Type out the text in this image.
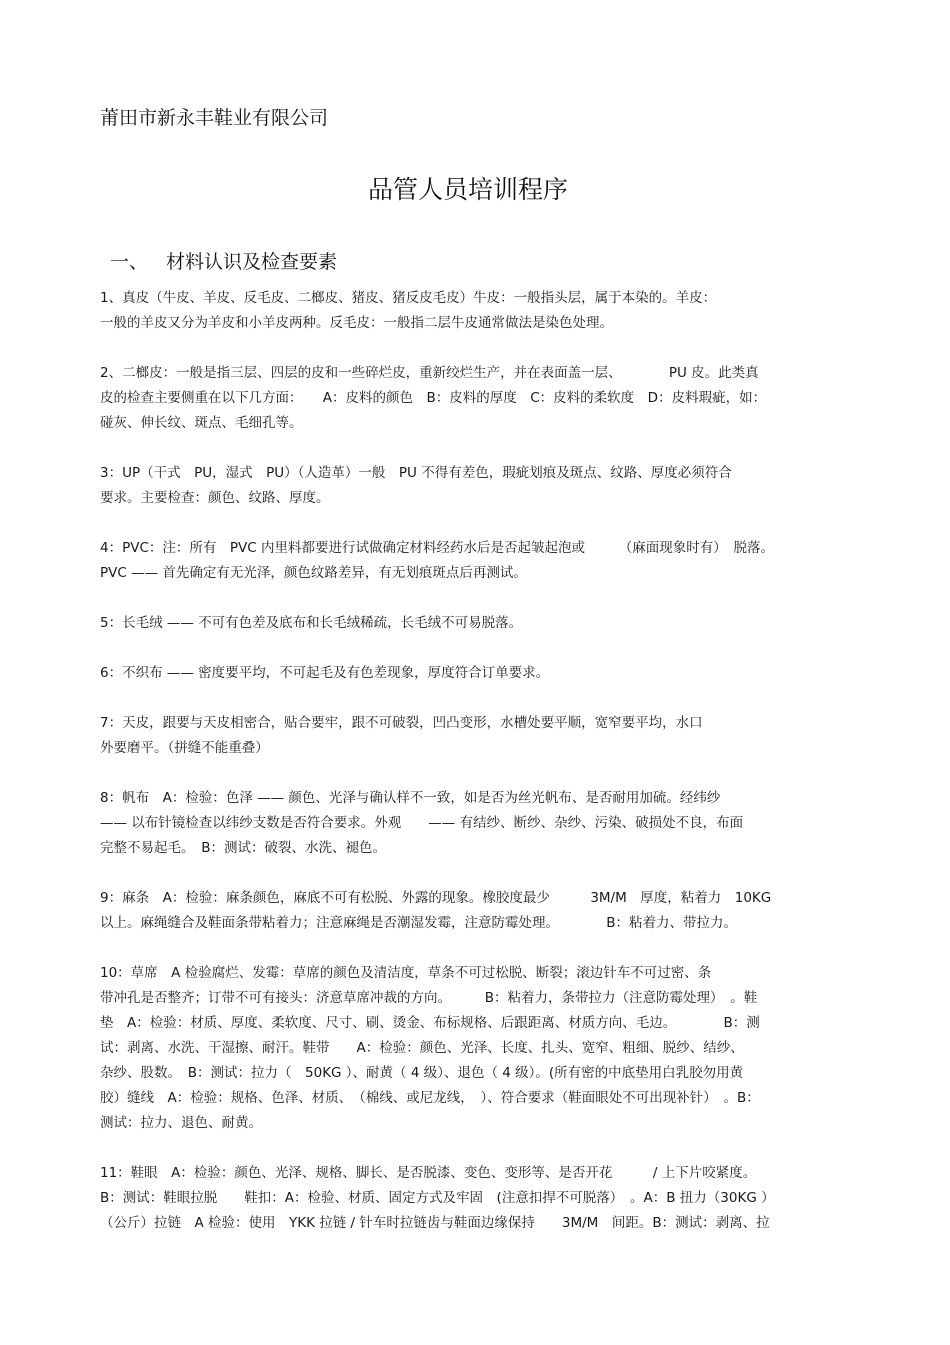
莆田市新永丰鞋业有限公司
品管人员培训程序
一、 材料认识及检查要素
1、真皮（牛皮、羊皮、反毛皮、二榔皮、猪皮、猪反皮毛皮）牛皮：一般指头层，属于本染的。羊皮：
一般的羊皮又分为羊皮和小羊皮两种。反毛皮：一般指二层牛皮通常做法是染色处理。
2、二榔皮：一般是指三层、四层的皮和一些碎烂皮，重新绞烂生产，并在表面盖一层、　　　　PU 皮。此类真
皮的检查主要侧重在以下几方面：　　A：皮料的颜色　B：皮料的厚度　C：皮料的柔软度　D：皮料瑕疵，如：
碰灰、伸长纹、斑点、毛细孔等。
3：UP（干式　PU，湿式　PU）（人造革）一般　PU 不得有差色，瑕疵划痕及斑点、纹路、厚度必须符合
要求。主要检查：颜色、纹路、厚度。
4：PVC：注：所有　PVC 内里料都要进行试做确定材料经药水后是否起皱起泡或　　　（麻面现象时有）　脱落。
PVC —— 首先确定有无光泽，颜色纹路差异，有无划痕斑点后再测试。
5：长毛绒 —— 不可有色差及底布和长毛绒稀疏，长毛绒不可易脱落。
6：不织布 —— 密度要平均，不可起毛及有色差现象，厚度符合订单要求。
7：天皮，跟要与天皮相密合，贴合要牢，跟不可破裂，凹凸变形，水槽处要平顺，宽窄要平均，水口
外要磨平。（拼缝不能重叠）
8：帆布　A：检验：色泽 —— 颜色、光泽与确认样不一致，如是否为丝光帆布、是否耐用加硫。经纬纱
—— 以布针镜检查以纬纱支数是否符合要求。外观　　—— 有结纱、断纱、杂纱、污染、破损处不良，布面
完整不易起毛。　B：测试：破裂、水洗、褪色。
9：麻条　A：检验：麻条颜色，麻底不可有松脱、外露的现象。橡胶度最少　　　3M/M　厚度，粘着力　10KG
以上。麻绳缝合及鞋面条带粘着力；注意麻绳是否潮湿发霉，注意防霉处理。　　　　B：粘着力、带拉力。
10：草席　A 检验腐烂、发霉：草席的颜色及清洁度，草条不可过松脱、断裂；滚边针车不可过密、条
带冲孔是否整齐；订带不可有接头：济意草席冲裁的方向。　　　B：粘着力，条带拉力（注意防霉处理）　。鞋
垫　A：检验：材质、厚度、柔软度、尺寸、刷、烫金、布标规格、后跟距离、材质方向、毛边。　　　　B：测
试：剥离、水洗、干湿擦、耐汗。鞋带　　A：检验：颜色、光泽、长度、扎头、宽窄、粗细、脱纱、结纱、
杂纱、股数。　B：测试：拉力（　50KG ）、耐黄（ 4 级）、退色（ 4 级）。(所有密的中底垫用白乳胶勿用黄
胶）缝线　A：检验：规格、色泽、材质、　（棉线、或尼龙线，　）、符合要求（鞋面眼处不可出现补针）　。B：
测试：拉力、退色、耐黄。
11：鞋眼　A：检验：颜色、光泽、规格、脚长、是否脱漆、变色、变形等、是否开花　　　/ 上下片咬紧度。
B：测试：鞋眼拉脱　　鞋扣：A：检验、材质、固定方式及牢固　(注意扣捍不可脱落）　。A：B 扭力（30KG ）
（公斤）拉链　A 检验：使用　YKK 拉链 / 针车时拉链齿与鞋面边缘保持　　3M/M　间距。B：测试：剥离、拉
